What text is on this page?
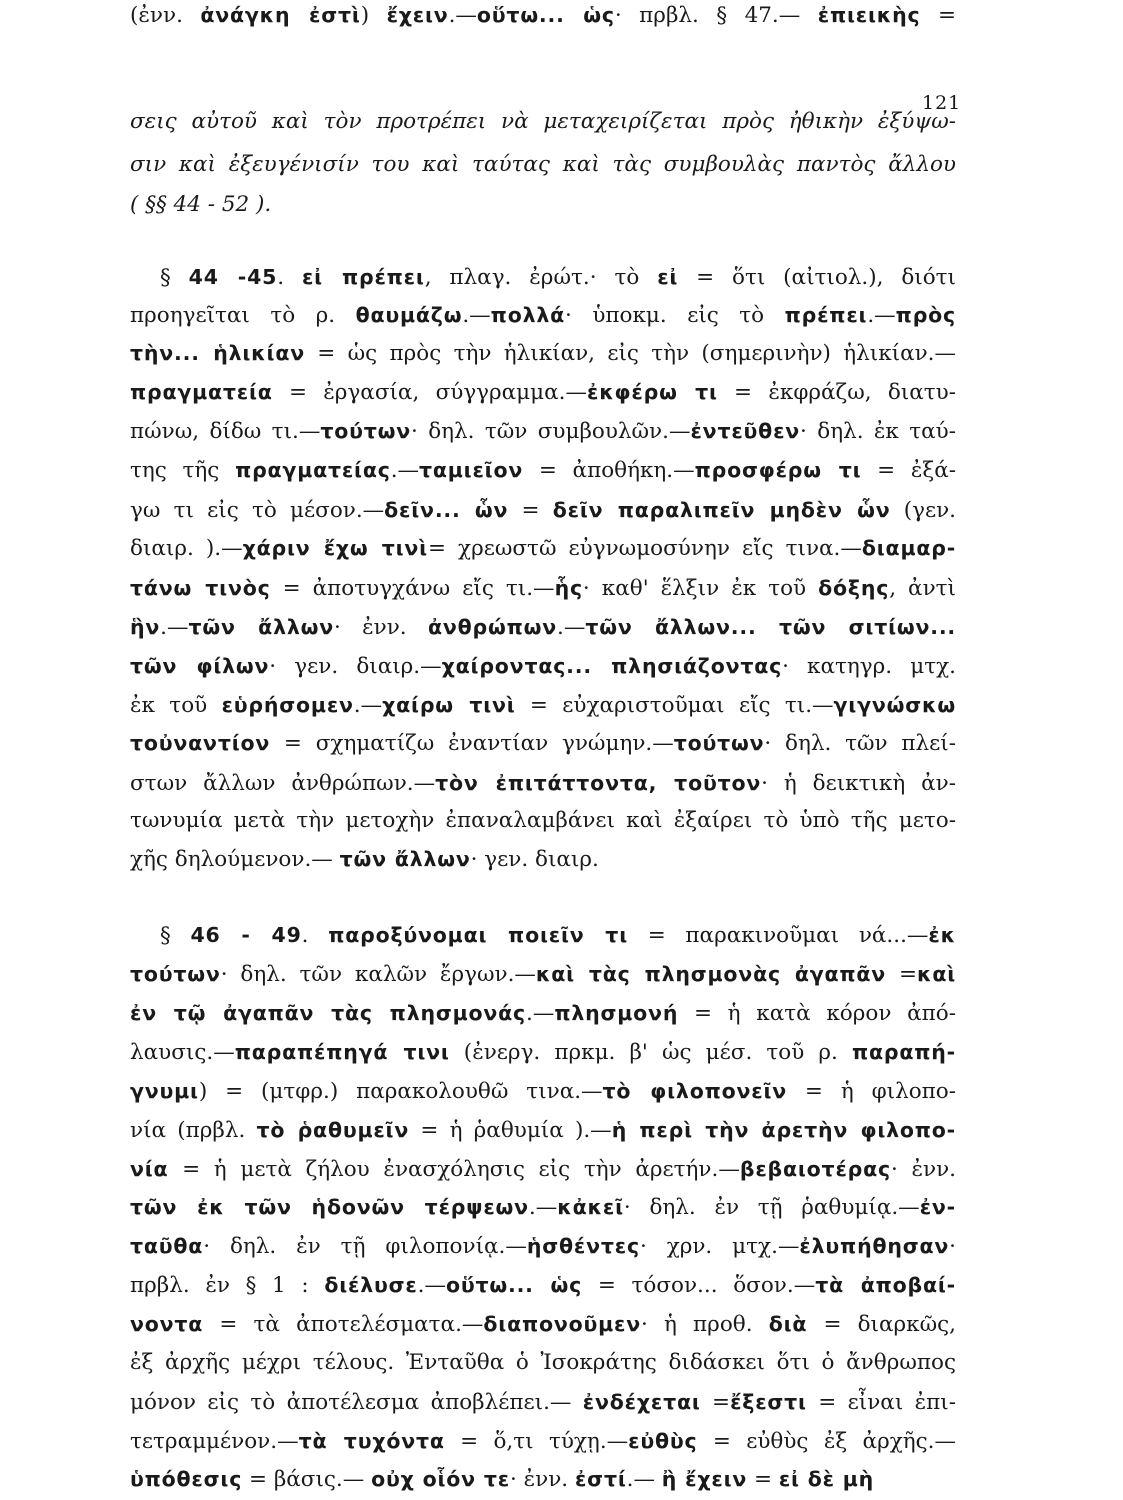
121
σεις αὐτοῦ καὶ τὸν προτρέπει νὰ μεταχειρίζεται πρὸς ἠθικὴν ἐξύψω-
σιν καὶ ἐξευγένισίν του καὶ ταύτας καὶ τὰς συμβουλὰς παντὸς ἄλλου
( §§ 44 - 52 ).
§ 44 -45. εἰ πρέπει, πλαγ. ἐρώτ.· τὸ εἰ = ὅτι (αἰτιολ.), διότι
προηγεῖται τὸ ρ. θαυμάζω.—πολλά· ὑποκμ. εἰς τὸ πρέπει.—πρὸς
τὴν... ἡλικίαν = ὡς πρὸς τὴν ἡλικίαν, εἰς τὴν (σημερινὴν) ἡλικίαν.—
πραγματεία = ἐργασία, σύγγραμμα.—ἐκφέρω τι = ἐκφράζω, διατυ-
πώνω, δίδω τι.—τούτων· δηλ. τῶν συμβουλῶν.—ἐντεῦθεν· δηλ. ἐκ ταύ-
της τῆς πραγματείας.—ταμιεῖον = ἀποθήκη.—προσφέρω τι = ἐξά-
γω τι εἰς τὸ μέσον.—δεῖν... ὧν = δεῖν παραλιπεῖν μηδὲν ὧν (γεν.
διαιρ. ).—χάριν ἔχω τινὶ= χρεωστῶ εὐγνωμοσύνην εἴς τινα.—διαμαρ-
τάνω τινὸς = ἀποτυγχάνω εἴς τι.—ἧς· καθ' ἕλξιν ἐκ τοῦ δόξης, ἀντὶ
ἣν.—τῶν ἄλλων· ἐνν. ἀνθρώπων.—τῶν ἄλλων... τῶν σιτίων...
τῶν φίλων· γεν. διαιρ.—χαίροντας... πλησιάζοντας· κατηγρ. μτχ.
ἐκ τοῦ εὑρήσομεν.—χαίρω τινὶ = εὐχαριστοῦμαι εἴς τι.—γιγνώσκω
τοὐναντίον = σχηματίζω ἐναντίαν γνώμην.—τούτων· δηλ. τῶν πλεί-
στων ἄλλων ἀνθρώπων.—τὸν ἐπιτάττοντα, τοῦτον· ἡ δεικτικὴ ἀν-
τωνυμία μετὰ τὴν μετοχὴν ἐπαναλαμβάνει καὶ ἐξαίρει τὸ ὑπὸ τῆς μετο-
χῆς δηλούμενον.— τῶν ἄλλων· γεν. διαιρ.
§ 46 - 49. παροξύνομαι ποιεῖν τι = παρακινοῦμαι νά...—ἐκ
τούτων· δηλ. τῶν καλῶν ἔργων.—καὶ τὰς πλησμονὰς ἀγαπᾶν =καὶ
ἐν τῷ ἀγαπᾶν τὰς πλησμονάς.—πλησμονή = ἡ κατὰ κόρον ἀπό-
λαυσις.—παραπέπηγά τινι (ἐνεργ. πρκμ. β' ὡς μέσ. τοῦ ρ. παραπή-
γνυμι) = (μτφρ.) παρακολουθῶ τινα.—τὸ φιλοπονεῖν = ἡ φιλοπο-
νία (πρβλ. τὸ ῥαθυμεῖν = ἡ ῥαθυμία ).—ἡ περὶ τὴν ἀρετὴν φιλοπο-
νία = ἡ μετὰ ζήλου ἐνασχόλησις εἰς τὴν ἀρετήν.—βεβαιοτέρας· ἐνν.
τῶν ἐκ τῶν ἡδονῶν τέρψεων.—κἀκεῖ· δηλ. ἐν τῇ ῥαθυμίᾳ.—ἐν-
ταῦθα· δηλ. ἐν τῇ φιλοπονίᾳ.—ἡσθέντες· χρν. μτχ.—ἐλυπήθησαν·
πρβλ. ἐν § 1 : διέλυσε.—οὕτω... ὡς = τόσον... ὅσον.—τὰ ἀποβαί-
νοντα = τὰ ἀποτελέσματα.—διαπονοῦμεν· ἡ προθ. διὰ = διαρκῶς,
ἐξ ἀρχῆς μέχρι τέλους. Ἐνταῦθα ὁ Ἰσοκράτης διδάσκει ὅτι ὁ ἄνθρωπος
μόνον εἰς τὸ ἀποτέλεσμα ἀποβλέπει.— ἐνδέχεται =ἔξεστι = εἶναι ἐπι-
τετραμμένον.—τὰ τυχόντα = ὅ,τι τύχῃ.—εὐθὺς = εὐθὺς ἐξ ἀρχῆς.—
ὑπόθεσις = βάσις.— οὐχ οἷόν τε· ἐνν. ἐστί.— ἢ ἔχειν = εἰ δὲ μὴ
(ἐνν. ἀνάγκη ἐστὶ) ἔχειν.—οὕτω... ὡς· πρβλ. § 47.— ἐπιεικὴς =
